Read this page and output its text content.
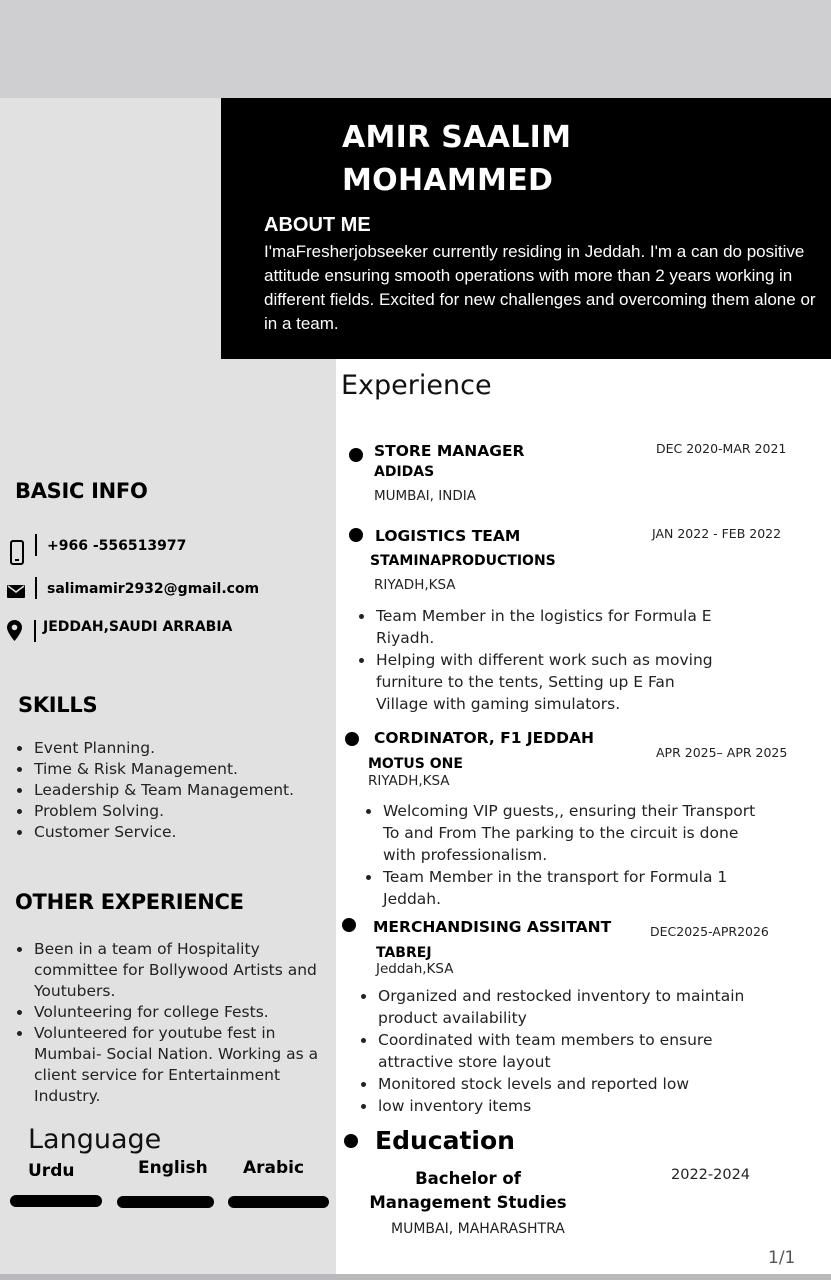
AMIR SAALIM
MOHAMMED
ABOUT ME
I'maFresherjobseeker currently residing in Jeddah. I'm a can do positive attitude ensuring smooth operations with more than 2 years working in different fields. Excited for new challenges and overcoming them alone or in a team.
BASIC INFO
+966 -556513977
salimamir2932@gmail.com
JEDDAH,SAUDI ARRABIA
SKILLS
Event Planning.
Time & Risk Management.
Leadership & Team Management.
Problem Solving.
Customer Service.
OTHER EXPERIENCE
Been in a team of Hospitality committee for Bollywood Artists and Youtubers.
Volunteering for college Fests.
Volunteered for youtube fest in Mumbai- Social Nation. Working as a client service for Entertainment Industry.
Language
Urdu	English Arabic
Experience
STORE MANAGER
ADIDAS
MUMBAI, INDIA
DEC 2020-MAR 2021
LOGISTICS TEAM
STAMINAPRODUCTIONS
RIYADH,KSA
JAN 2022 - FEB 2022
Team Member in the logistics for Formula E Riyadh.
Helping with different work such as moving furniture to the tents, Setting up E Fan Village with gaming simulators.
CORDINATOR, F1 JEDDAH
MOTUS ONE
RIYADH,KSA
APR 2025– APR 2025
Welcoming VIP guests,, ensuring their Transport To and From The parking to the circuit is done with professionalism.
Team Member in the transport for Formula 1 Jeddah.
MERCHANDISING ASSITANT
TABREJ
Jeddah,KSA
DEC2025-APR2026
Organized and restocked inventory to maintain product availability
Coordinated with team members to ensure attractive store layout
Monitored stock levels and reported low
low inventory items
Education
Bachelor of
Management Studies
MUMBAI, MAHARASHTRA
2022-2024
1/1
